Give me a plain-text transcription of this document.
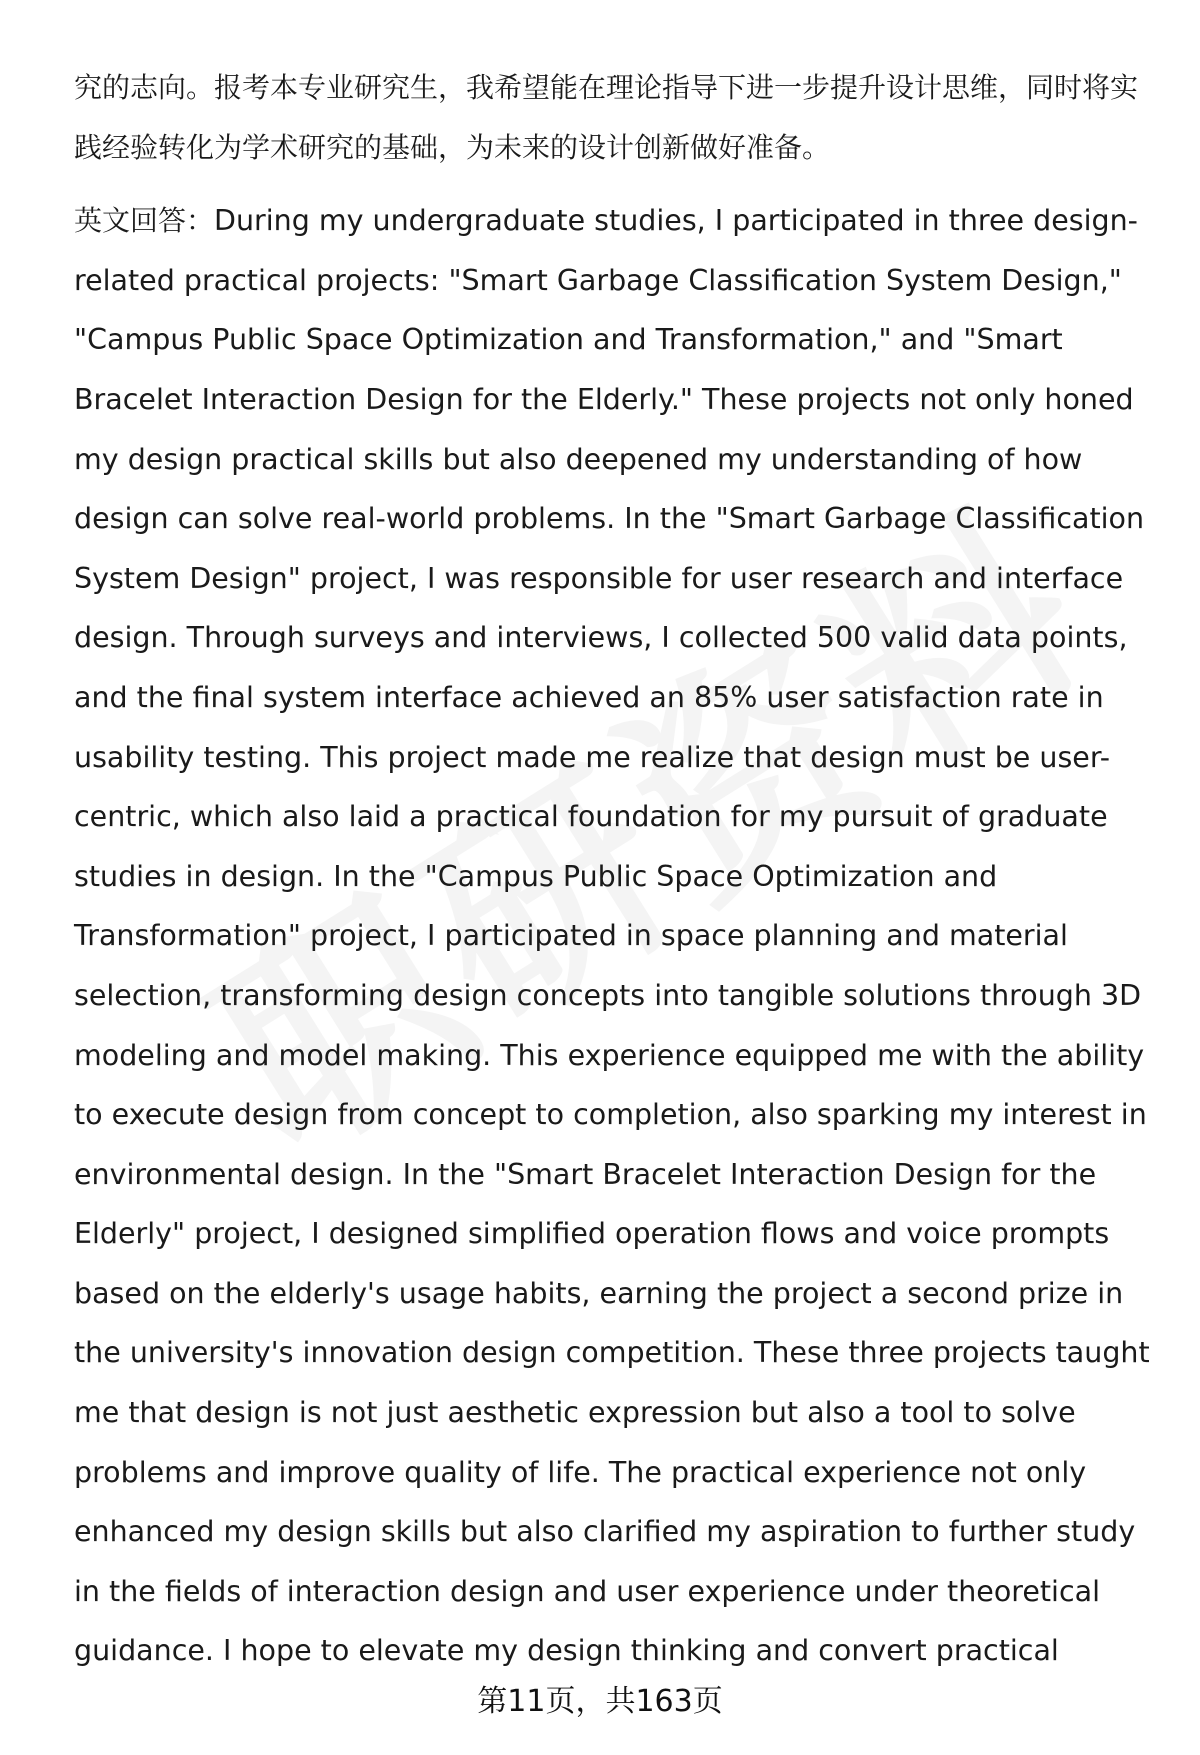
究的志向。报考本专业研究生，我希望能在理论指导下进一步提升设计思维，同时将实践经验转化为学术研究的基础，为未来的设计创新做好准备。

英文回答：During my undergraduate studies, I participated in three design-related practical projects: "Smart Garbage Classification System Design," "Campus Public Space Optimization and Transformation," and "Smart Bracelet Interaction Design for the Elderly." These projects not only honed my design practical skills but also deepened my understanding of how design can solve real-world problems. In the "Smart Garbage Classification System Design" project, I was responsible for user research and interface design. Through surveys and interviews, I collected 500 valid data points, and the final system interface achieved an 85% user satisfaction rate in usability testing. This project made me realize that design must be user-centric, which also laid a practical foundation for my pursuit of graduate studies in design. In the "Campus Public Space Optimization and Transformation" project, I participated in space planning and material selection, transforming design concepts into tangible solutions through 3D modeling and model making. This experience equipped me with the ability to execute design from concept to completion, also sparking my interest in environmental design. In the "Smart Bracelet Interaction Design for the Elderly" project, I designed simplified operation flows and voice prompts based on the elderly's usage habits, earning the project a second prize in the university's innovation design competition. These three projects taught me that design is not just aesthetic expression but also a tool to solve problems and improve quality of life. The practical experience not only enhanced my design skills but also clarified my aspiration to further study in the fields of interaction design and user experience under theoretical guidance. I hope to elevate my design thinking and convert practical

第11页，共163页
